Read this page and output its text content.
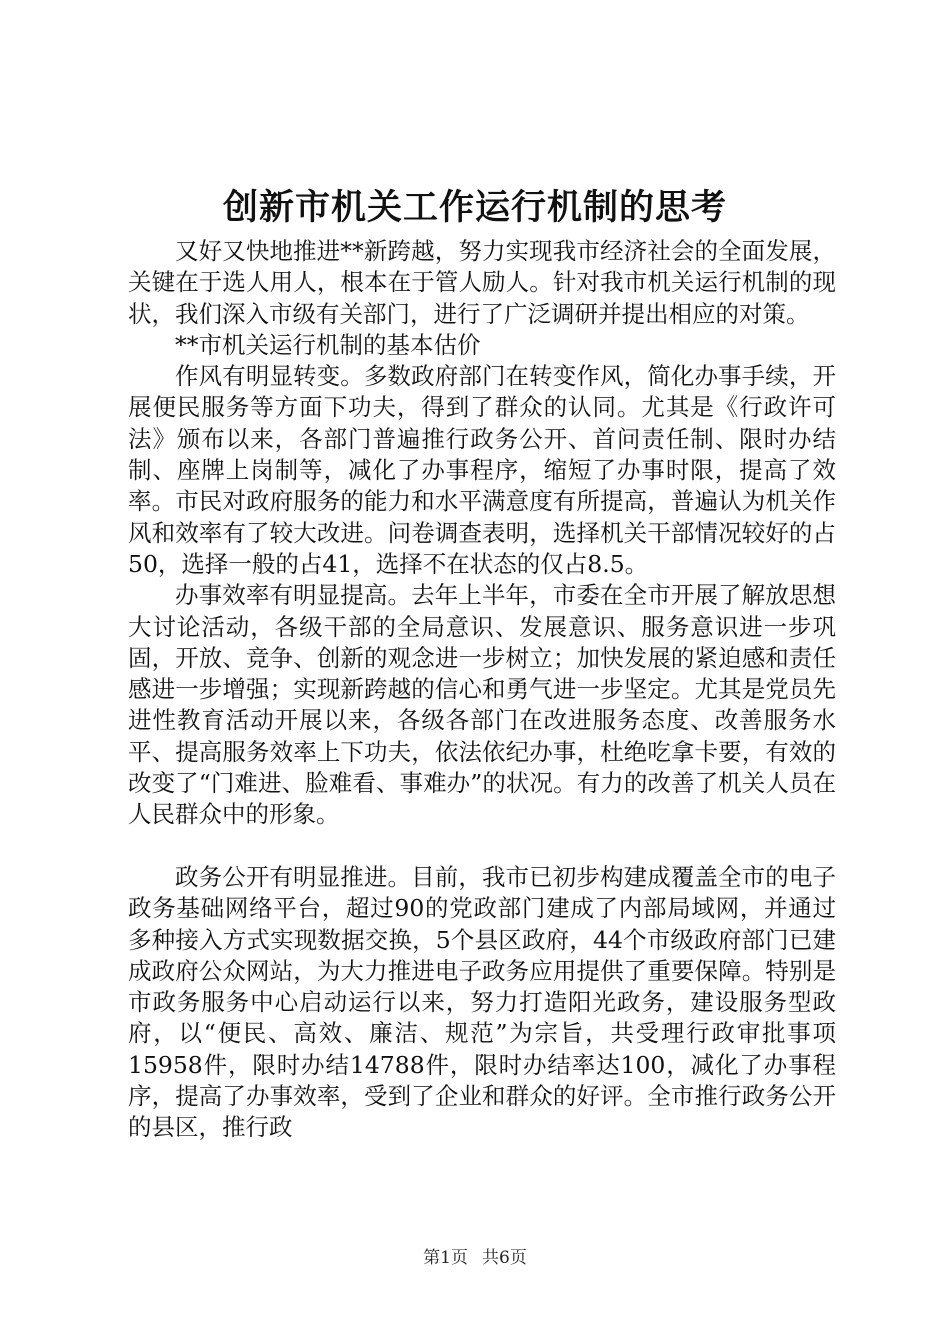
创新市机关工作运行机制的思考

又好又快地推进**新跨越，努力实现我市经济社会的全面发展，关键在于选人用人，根本在于管人励人。针对我市机关运行机制的现状，我们深入市级有关部门，进行了广泛调研并提出相应的对策。

**市机关运行机制的基本估价

作风有明显转变。多数政府部门在转变作风，简化办事手续，开展便民服务等方面下功夫，得到了群众的认同。尤其是《行政许可法》颁布以来，各部门普遍推行政务公开、首问责任制、限时办结制、座牌上岗制等，减化了办事程序，缩短了办事时限，提高了效率。市民对政府服务的能力和水平满意度有所提高，普遍认为机关作风和效率有了较大改进。问卷调查表明，选择机关干部情况较好的占50，选择一般的占41，选择不在状态的仅占8.5。

办事效率有明显提高。去年上半年，市委在全市开展了解放思想大讨论活动，各级干部的全局意识、发展意识、服务意识进一步巩固，开放、竞争、创新的观念进一步树立；加快发展的紧迫感和责任感进一步增强；实现新跨越的信心和勇气进一步坚定。尤其是党员先进性教育活动开展以来，各级各部门在改进服务态度、改善服务水平、提高服务效率上下功夫，依法依纪办事，杜绝吃拿卡要，有效的改变了“门难进、脸难看、事难办”的状况。有力的改善了机关人员在人民群众中的形象。

政务公开有明显推进。目前，我市已初步构建成覆盖全市的电子政务基础网络平台，超过90的党政部门建成了内部局域网，并通过多种接入方式实现数据交换，5个县区政府，44个市级政府部门已建成政府公众网站，为大力推进电子政务应用提供了重要保障。特别是市政务服务中心启动运行以来，努力打造阳光政务，建设服务型政府，以“便民、高效、廉洁、规范”为宗旨，共受理行政审批事项15958件，限时办结14788件，限时办结率达100，减化了办事程序，提高了办事效率，受到了企业和群众的好评。全市推行政务公开的县区，推行政

第1页 共6页
